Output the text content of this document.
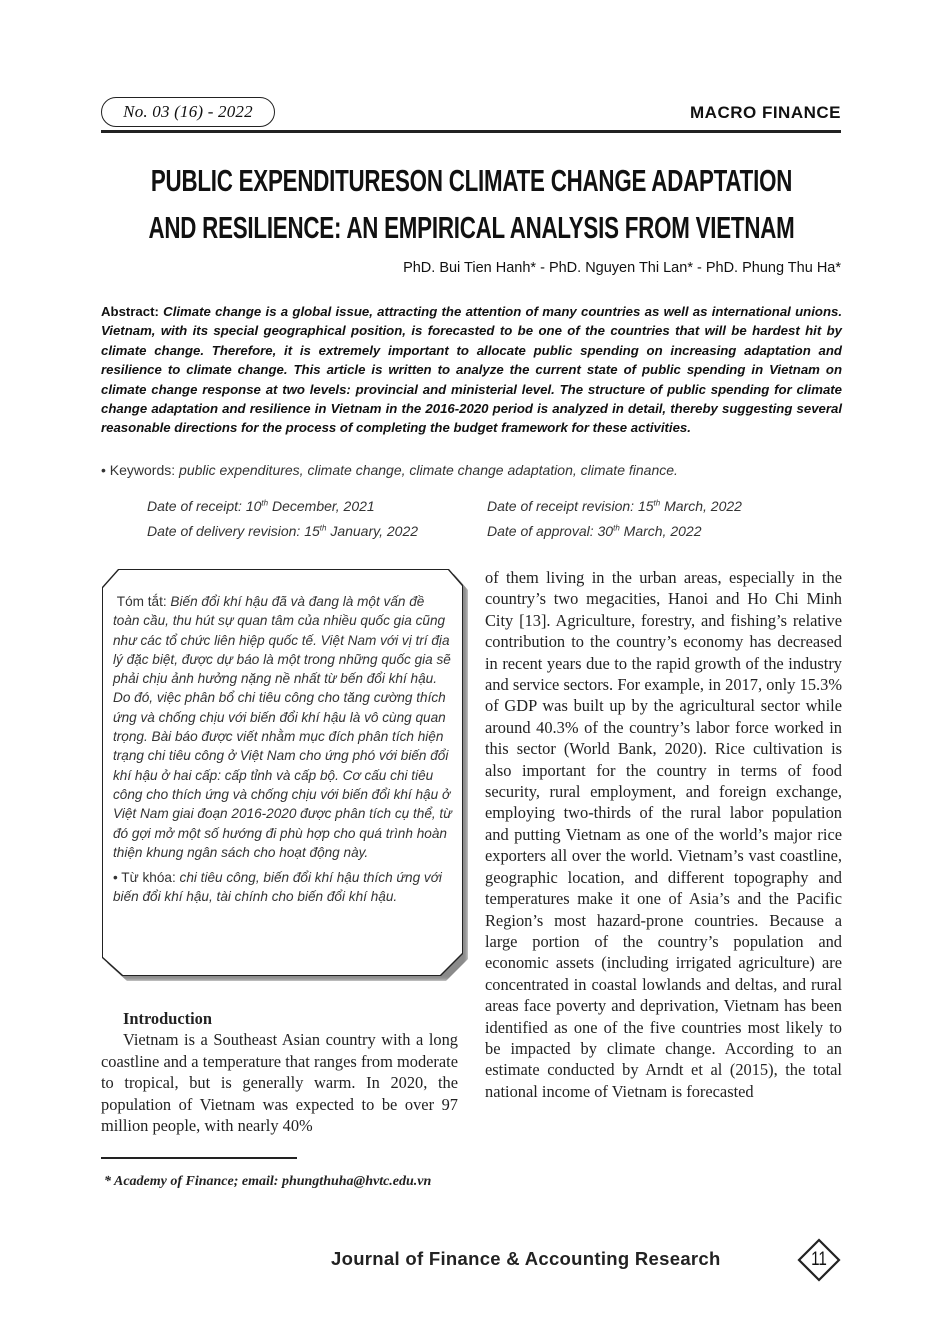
No. 03 (16) - 2022	MACRO FINANCE
PUBLIC EXPENDITURESON CLIMATE CHANGE ADAPTATION
AND RESILIENCE: AN EMPIRICAL ANALYSIS FROM VIETNAM
PhD. Bui Tien Hanh* - PhD. Nguyen Thi Lan* - PhD. Phung Thu Ha*
Abstract: Climate change is a global issue, attracting the attention of many countries as well as international unions. Vietnam, with its special geographical position, is forecasted to be one of the countries that will be hardest hit by climate change. Therefore, it is extremely important to allocate public spending on increasing adaptation and resilience to climate change. This article is written to analyze the current state of public spending in Vietnam on climate change response at two levels: provincial and ministerial level. The structure of public spending for climate change adaptation and resilience in Vietnam in the 2016-2020 period is analyzed in detail, thereby suggesting several reasonable directions for the process of completing the budget framework for these activities.
• Keywords: public expenditures, climate change, climate change adaptation, climate finance.
Date of receipt: 10th December, 2021	Date of receipt revision: 15th March, 2022
Date of delivery revision: 15th January, 2022	Date of approval: 30th March, 2022

Tóm tắt: Biến đổi khí hậu đã và đang là một vấn đề toàn cầu, thu hút sự quan tâm của nhiều quốc gia cũng như các tổ chức liên hiệp quốc tế. Việt Nam với vị trí địa lý đặc biệt, được dự báo là một trong những quốc gia sẽ phải chịu ảnh hưởng nặng nề nhất từ bến đổi khí hậu. Do đó, việc phân bổ chi tiêu công cho tăng cường thích ứng và chống chịu với biến đổi khí hậu là vô cùng quan trọng. Bài báo được viết nhằm mục đích phân tích hiện trạng chi tiêu công ở Việt Nam cho ứng phó với biến đổi khí hậu ở hai cấp: cấp tỉnh và cấp bộ. Cơ cấu chi tiêu công cho thích ứng và chống chịu với biến đổi khí hậu ở Việt Nam giai đoạn 2016-2020 được phân tích cụ thể, từ đó gợi mở một số hướng đi phù hợp cho quá trình hoàn thiện khung ngân sách cho hoạt động này.

• Từ khóa: chi tiêu công, biến đổi khí hậu thích ứng với biến đổi khí hậu, tài chính cho biến đổi khí hậu.

Introduction
Vietnam is a Southeast Asian country with a long coastline and a temperature that ranges from moderate to tropical, but is generally warm. In 2020, the population of Vietnam was expected to be over 97 million people, with nearly 40%
of them living in the urban areas, especially in the country’s two megacities, Hanoi and Ho Chi Minh City [13]. Agriculture, forestry, and fishing’s relative contribution to the country’s economy has decreased in recent years due to the rapid growth of the industry and service sectors. For example, in 2017, only 15.3% of GDP was built up by the agricultural sector while around 40.3% of the country’s labor force worked in this sector (World Bank, 2020). Rice cultivation is also important for the country in terms of food security, rural employment, and foreign exchange, employing two-thirds of the rural labor population and putting Vietnam as one of the world’s major rice exporters all over the world. Vietnam’s vast coastline, geographic location, and different topography and temperatures make it one of Asia’s and the Pacific Region’s most hazard-prone countries. Because a large portion of the country’s population and economic assets (including irrigated agriculture) are concentrated in coastal lowlands and deltas, and rural areas face poverty and deprivation, Vietnam has been identified as one of the five countries most likely to be impacted by climate change. According to an estimate conducted by Arndt et al (2015), the total national income of Vietnam is forecasted
* Academy of Finance; email: phungthuha@hvtc.edu.vn
Journal of Finance & Accounting Research	11
